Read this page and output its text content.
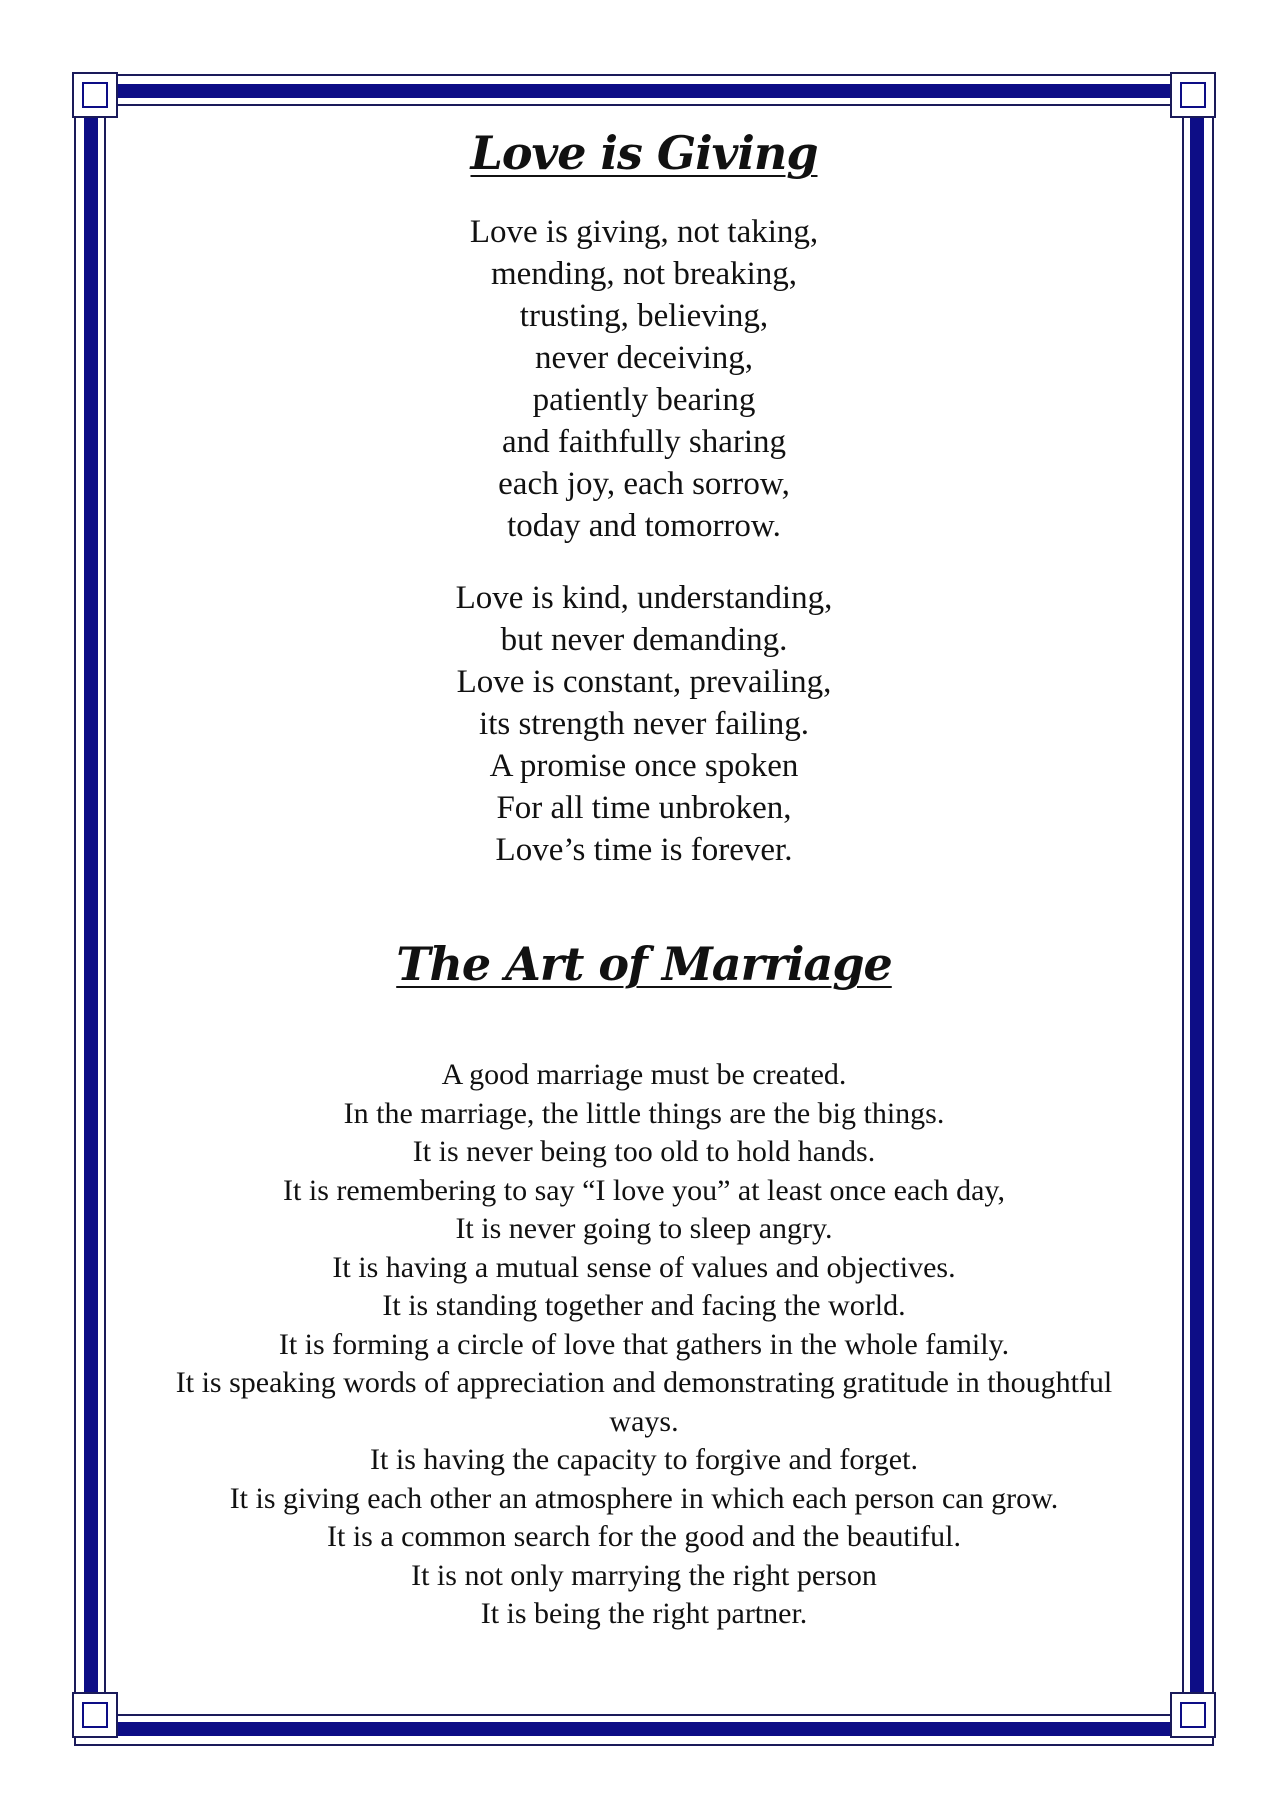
Love is Giving
Love is giving, not taking,
mending, not breaking,
trusting, believing,
never deceiving,
patiently bearing
and faithfully sharing
each joy, each sorrow,
today and tomorrow.
Love is kind, understanding,
but never demanding.
Love is constant, prevailing,
its strength never failing.
A promise once spoken
For all time unbroken,
Love’s time is forever.
The Art of Marriage
A good marriage must be created.
In the marriage, the little things are the big things.
It is never being too old to hold hands.
It is remembering to say “I love you” at least once each day,
It is never going to sleep angry.
It is having a mutual sense of values and objectives.
It is standing together and facing the world.
It is forming a circle of love that gathers in the whole family.
It is speaking words of appreciation and demonstrating gratitude in thoughtful ways.
It is having the capacity to forgive and forget.
It is giving each other an atmosphere in which each person can grow.
It is a common search for the good and the beautiful.
It is not only marrying the right person
It is being the right partner.
